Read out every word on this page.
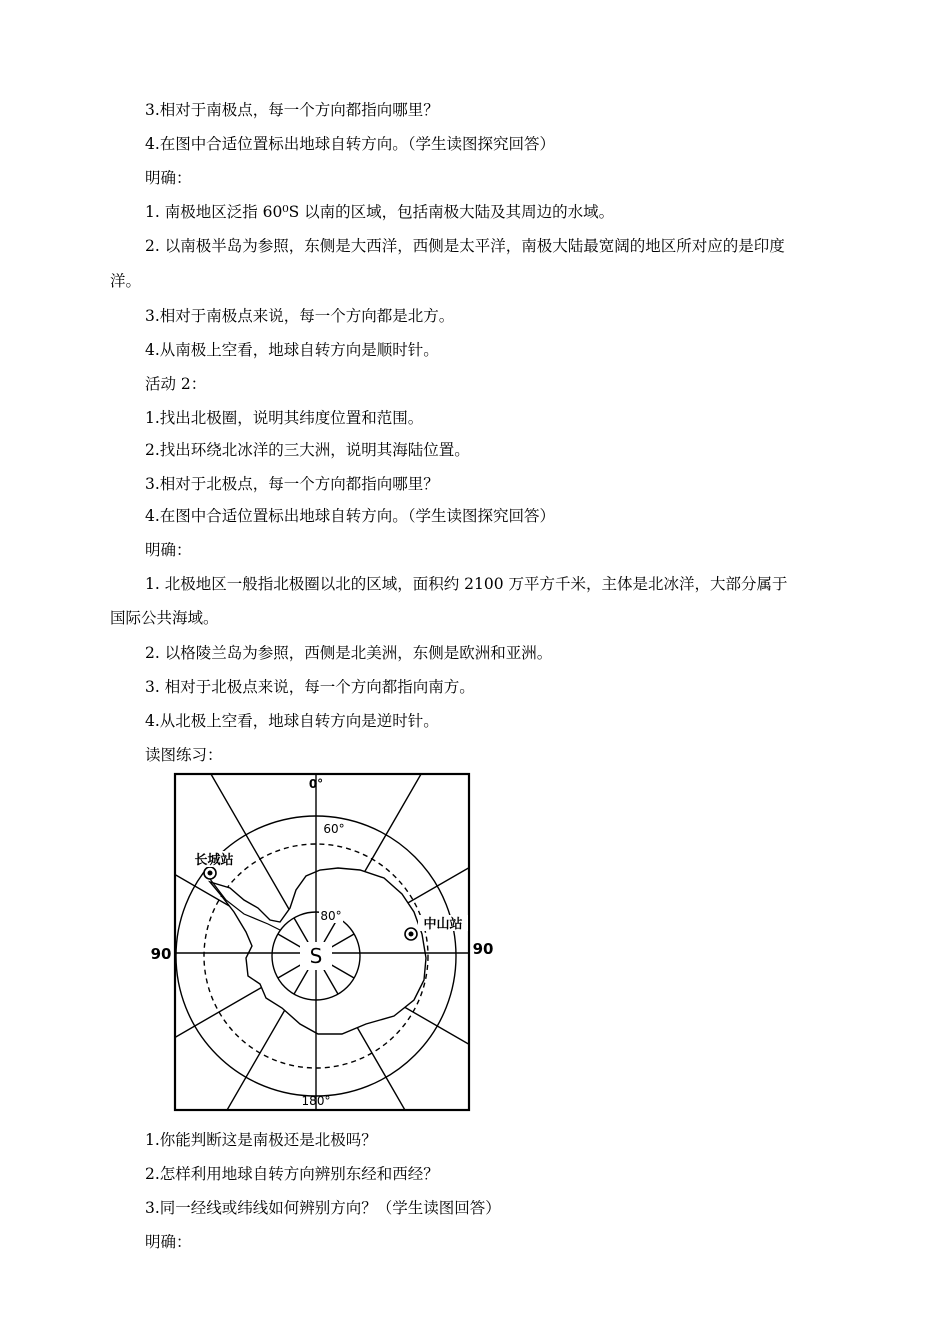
3.相对于南极点，每一个方向都指向哪里？
4.在图中合适位置标出地球自转方向。（学生读图探究回答）
明确：
1. 南极地区泛指 60⁰S 以南的区域，包括南极大陆及其周边的水域。
2. 以南极半岛为参照，东侧是大西洋，西侧是太平洋，南极大陆最宽阔的地区所对应的是印度
洋。
3.相对于南极点来说，每一个方向都是北方。
4.从南极上空看，地球自转方向是顺时针。
活动 2：
1.找出北极圈，说明其纬度位置和范围。
2.找出环绕北冰洋的三大洲，说明其海陆位置。
3.相对于北极点，每一个方向都指向哪里？
4.在图中合适位置标出地球自转方向。（学生读图探究回答）
明确：
1. 北极地区一般指北极圈以北的区域，面积约 2100 万平方千米，主体是北冰洋，大部分属于
国际公共海域。
2. 以格陵兰岛为参照，西侧是北美洲，东侧是欧洲和亚洲。
3. 相对于北极点来说，每一个方向都指向南方。
4.从北极上空看，地球自转方向是逆时针。
读图练习：
S
0°
180°
60°
80°
90	90
长城站
中山站
1.你能判断这是南极还是北极吗？
2.怎样利用地球自转方向辨别东经和西经？
3.同一经线或纬线如何辨别方向？（学生读图回答）
明确：
